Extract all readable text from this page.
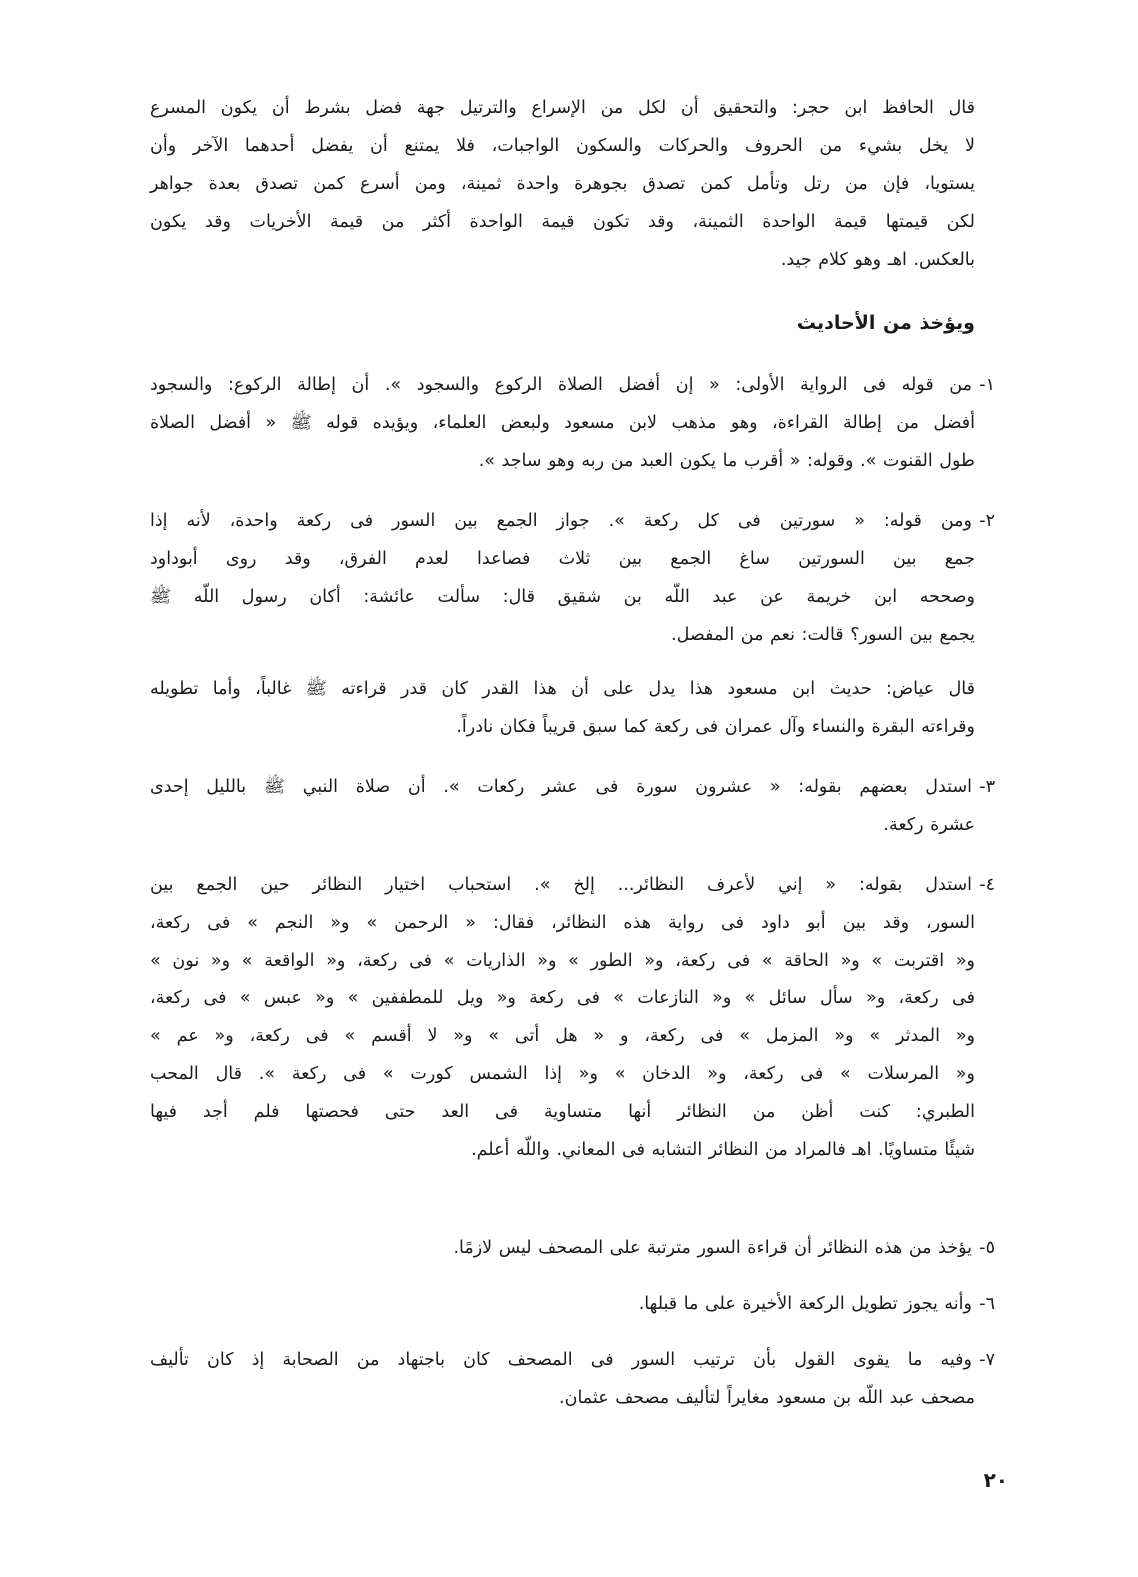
٢٠
قال الحافظ ابن حجر: والتحقيق أن لكل من الإسراع والترتيل جهة فضل بشرط أن يكون المسرع
لا يخل بشيء من الحروف والحركات والسكون الواجبات، فلا يمتنع أن يفضل أحدهما الآخر وأن
يستويا، فإن من رتل وتأمل كمن تصدق بجوهرة واحدة ثمينة، ومن أسرع كمن تصدق بعدة جواهر
لكن قيمتها قيمة الواحدة الثمينة، وقد تكون قيمة الواحدة أكثر من قيمة الأخريات وقد يكون
بالعكس. اهـ وهو كلام جيد.
ويؤخذ من الأحاديث
١-
من قوله فى الرواية الأولى: « إن أفضل الصلاة الركوع والسجود ». أن إطالة الركوع: والسجود
أفضل من إطالة القراءة، وهو مذهب لابن مسعود ولبعض العلماء، ويؤيده قوله ﷺ « أفضل الصلاة
طول القنوت ». وقوله: « أقرب ما يكون العبد من ربه وهو ساجد ».
٢-
ومن قوله: « سورتين فى كل ركعة ». جواز الجمع بين السور فى ركعة واحدة، لأنه إذا
جمع بين السورتين ساغ الجمع بين ثلاث فصاعدا لعدم الفرق، وقد روى أبوداود
وصححه ابن خريمة عن عبد اللّه بن شقيق قال: سألت عائشة: أكان رسول اللّه ﷺ
يجمع بين السور؟ قالت: نعم من المفصل.
قال عياض: حديث ابن مسعود هذا يدل على أن هذا القدر كان قدر قراءته ﷺ غالباً، وأما تطويله
وقراءته البقرة والنساء وآل عمران فى ركعة كما سبق قريباً فكان نادراً.
٣-
استدل بعضهم بقوله: « عشرون سورة فى عشر ركعات ». أن صلاة النبي ﷺ بالليل إحدى
عشرة ركعة.
٤-
استدل بقوله: « إني لأعرف النظائر... إلخ ». استحباب اختيار النظائر حين الجمع بين
السور، وقد بين أبو داود فى رواية هذه النظائر، فقال: « الرحمن » و« النجم » فى ركعة،
و« اقتربت » و« الحاقة » فى ركعة، و« الطور » و« الذاريات » فى ركعة، و« الواقعة » و« نون »
فى ركعة، و« سأل سائل » و« النازعات » فى ركعة و« ويل للمطففين » و« عبس » فى ركعة،
و« المدثر » و« المزمل » فى ركعة، و « هل أتى » و« لا أقسم » فى ركعة، و« عم »
و« المرسلات » فى ركعة، و« الدخان » و« إذا الشمس كورت » فى ركعة ». قال المحب
الطبري: كنت أظن من النظائر أنها متساوية فى العد حتى فحصتها فلم أجد فيها
شيئًا متساويًا. اهـ فالمراد من النظائر التشابه فى المعاني. واللّه أعلم.
٥-
يؤخذ من هذه النظائر أن قراءة السور مترتبة على المصحف ليس لازمًا.
٦-
وأنه يجوز تطويل الركعة الأخيرة على ما قبلها.
٧-
وفيه ما يقوى القول بأن ترتيب السور فى المصحف كان باجتهاد من الصحابة إذ كان تأليف
مصحف عبد اللّه بن مسعود مغايراً لتأليف مصحف عثمان.
